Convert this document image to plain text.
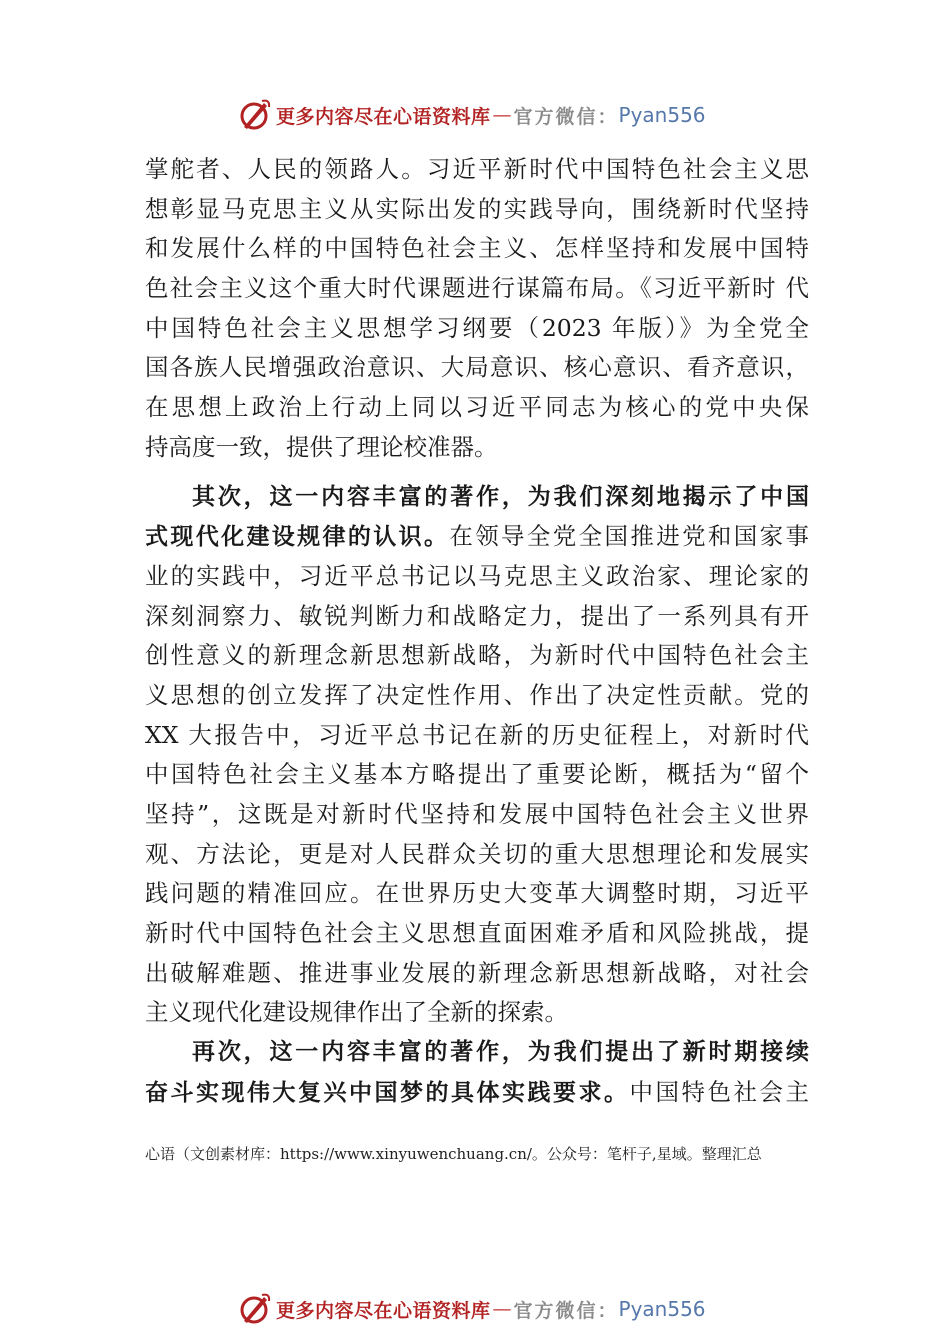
更多内容尽在心语资料库 — 官方微信： Pyan556
掌舵者、人民的领路人。习近平新时代中国特色社会主义思
想彰显马克思主义从实际出发的实践导向，围绕新时代坚持
和发展什么样的中国特色社会主义、怎样坚持和发展中国特
色社会主义这个重大时代课题进行谋篇布局。《习近平新时 代
中国特色社会主义思想学习纲要（2023 年版）》为全党全
国各族人民增强政治意识、大局意识、核心意识、看齐意识，
在思想上政治上行动上同以习近平同志为核心的党中央保
持高度一致，提供了理论校准器。
其次，这一内容丰富的著作，为我们深刻地揭示了中国
式现代化建设规律的认识。在领导全党全国推进党和国家事
业的实践中，习近平总书记以马克思主义政治家、理论家的
深刻洞察力、敏锐判断力和战略定力，提出了一系列具有开
创性意义的新理念新思想新战略，为新时代中国特色社会主
义思想的创立发挥了决定性作用、作出了决定性贡献。党的
XX 大报告中，习近平总书记在新的历史征程上，对新时代
中国特色社会主义基本方略提出了重要论断，概括为“留个
坚持”，这既是对新时代坚持和发展中国特色社会主义世界
观、方法论，更是对人民群众关切的重大思想理论和发展实
践问题的精准回应。在世界历史大变革大调整时期，习近平
新时代中国特色社会主义思想直面困难矛盾和风险挑战，提
出破解难题、推进事业发展的新理念新思想新战略，对社会
主义现代化建设规律作出了全新的探索。
再次，这一内容丰富的著作，为我们提出了新时期接续
奋斗实现伟大复兴中国梦的具体实践要求。中国特色社会主
心语（文创素材库：https://www.xinyuwenchuang.cn/。公众号：笔杆子,星域。整理汇总
更多内容尽在心语资料库 — 官方微信： Pyan556
